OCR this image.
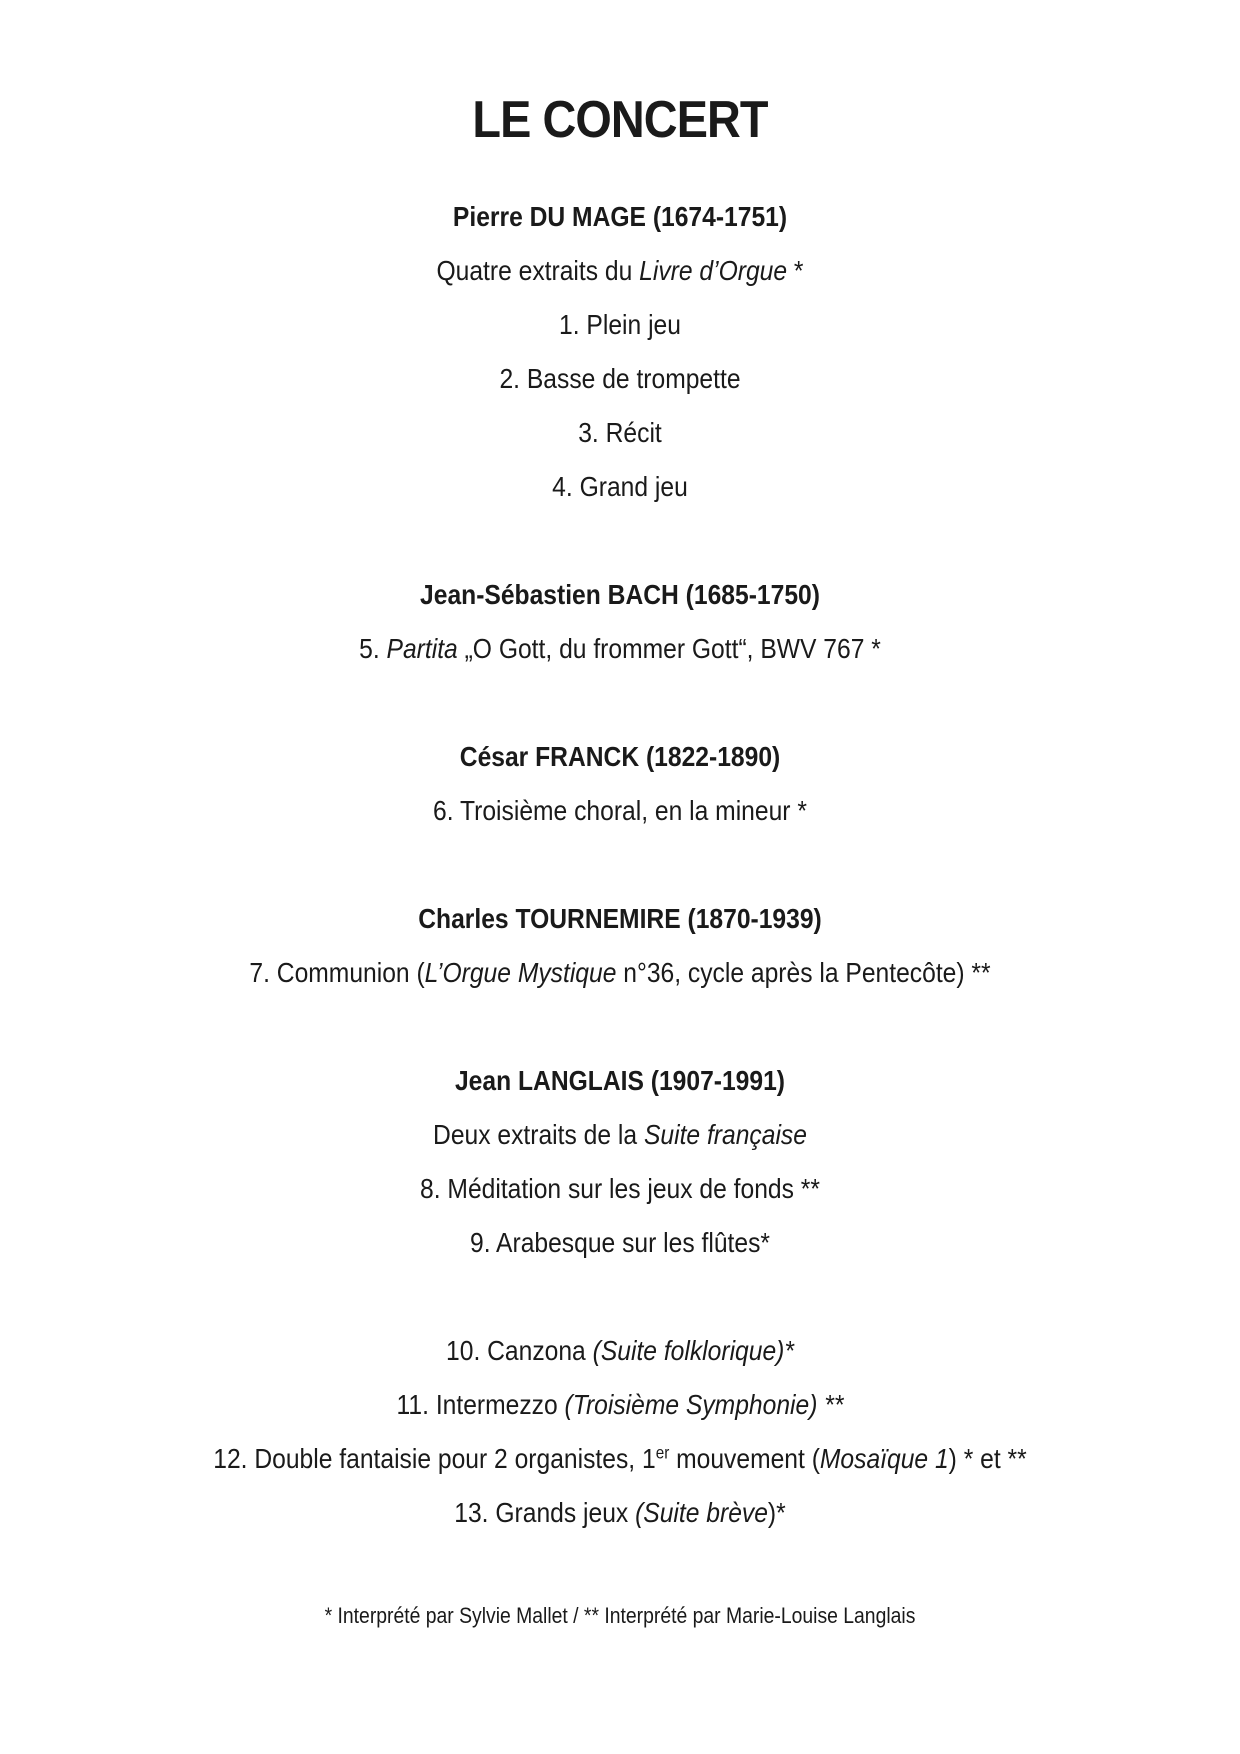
LE CONCERT

Pierre DU MAGE (1674-1751)

Quatre extraits du Livre d’Orgue *

1. Plein jeu

2. Basse de trompette

3. Récit

4. Grand jeu

Jean-Sébastien BACH (1685-1750)

5. Partita „O Gott, du frommer Gott“, BWV 767 *

César FRANCK (1822-1890)

6. Troisième choral, en la mineur *

Charles TOURNEMIRE (1870-1939)

7. Communion (L’Orgue Mystique n°36, cycle après la Pentecôte) **

Jean LANGLAIS (1907-1991)

Deux extraits de la Suite française

8. Méditation sur les jeux de fonds **

9. Arabesque sur les flûtes*

10. Canzona (Suite folklorique)*

11. Intermezzo (Troisième Symphonie) **

12. Double fantaisie pour 2 organistes, 1er mouvement (Mosaïque 1) * et **

13. Grands jeux (Suite brève)*

* Interprété par Sylvie Mallet / ** Interprété par Marie-Louise Langlais
